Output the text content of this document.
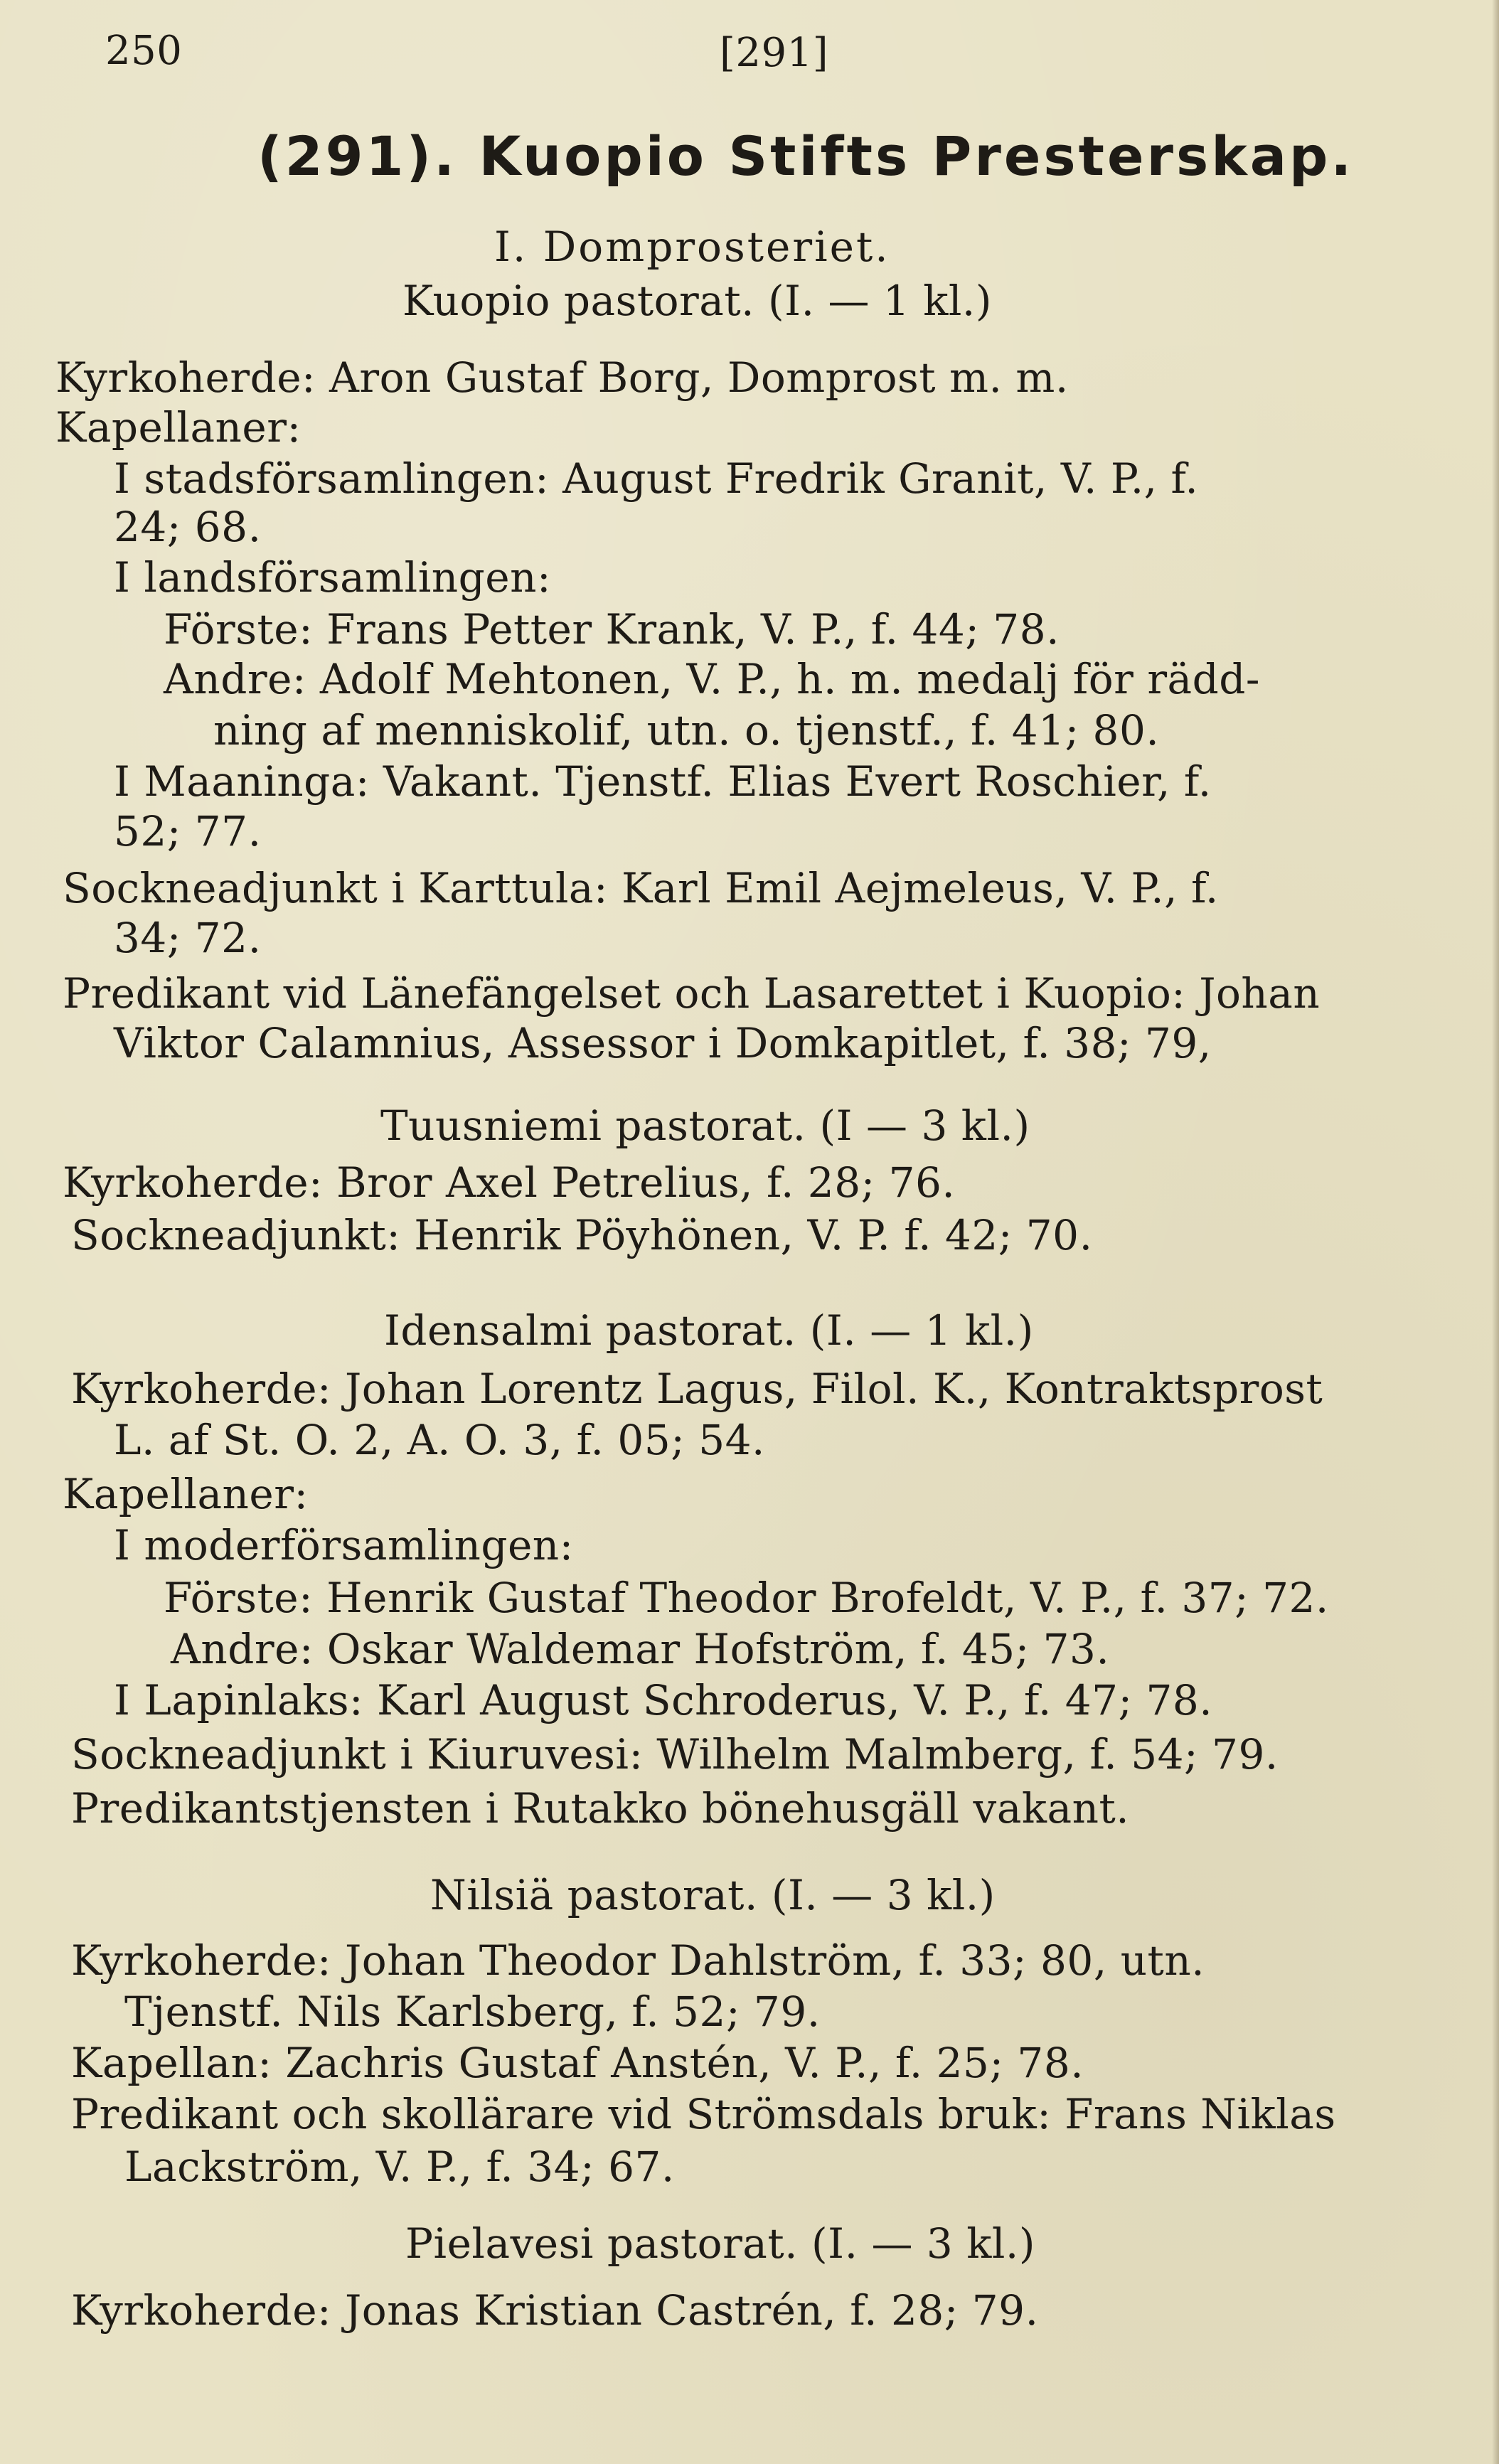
250	[291]
(291). Kuopio Stifts Presterskap.
I. Domprosteriet.
Kuopio pastorat. (I. — 1 kl.)
Kyrkoherde: Aron Gustaf Borg, Domprost m. m.
Kapellaner:
I stadsförsamlingen: August Fredrik Granit, V. P., f.
24; 68.
I landsförsamlingen:
Förste: Frans Petter Krank, V. P., f. 44; 78.
Andre: Adolf Mehtonen, V. P., h. m. medalj för rädd-
ning af menniskolif, utn. o. tjenstf., f. 41; 80.
I Maaninga: Vakant. Tjenstf. Elias Evert Roschier, f.
52; 77.
Sockneadjunkt i Karttula: Karl Emil Aejmeleus, V. P., f.
34; 72.
Predikant vid Länefängelset och Lasarettet i Kuopio: Johan
Viktor Calamnius, Assessor i Domkapitlet, f. 38; 79,
Tuusniemi pastorat. (I — 3 kl.)
Kyrkoherde: Bror Axel Petrelius, f. 28; 76.
Sockneadjunkt: Henrik Pöyhönen, V. P. f. 42; 70.
Idensalmi pastorat. (I. — 1 kl.)
Kyrkoherde: Johan Lorentz Lagus, Filol. K., Kontraktsprost
L. af St. O. 2, A. O. 3, f. 05; 54.
Kapellaner:
I moderförsamlingen:
Förste: Henrik Gustaf Theodor Brofeldt, V. P., f. 37; 72.
Andre: Oskar Waldemar Hofström, f. 45; 73.
I Lapinlaks: Karl August Schroderus, V. P., f. 47; 78.
Sockneadjunkt i Kiuruvesi: Wilhelm Malmberg, f. 54; 79.
Predikantstjensten i Rutakko bönehusgäll vakant.
Nilsiä pastorat. (I. — 3 kl.)
Kyrkoherde: Johan Theodor Dahlström, f. 33; 80, utn.
Tjenstf. Nils Karlsberg, f. 52; 79.
Kapellan: Zachris Gustaf Anstén, V. P., f. 25; 78.
Predikant och skollärare vid Strömsdals bruk: Frans Niklas
Lackström, V. P., f. 34; 67.
Pielavesi pastorat. (I. — 3 kl.)
Kyrkoherde: Jonas Kristian Castrén, f. 28; 79.
